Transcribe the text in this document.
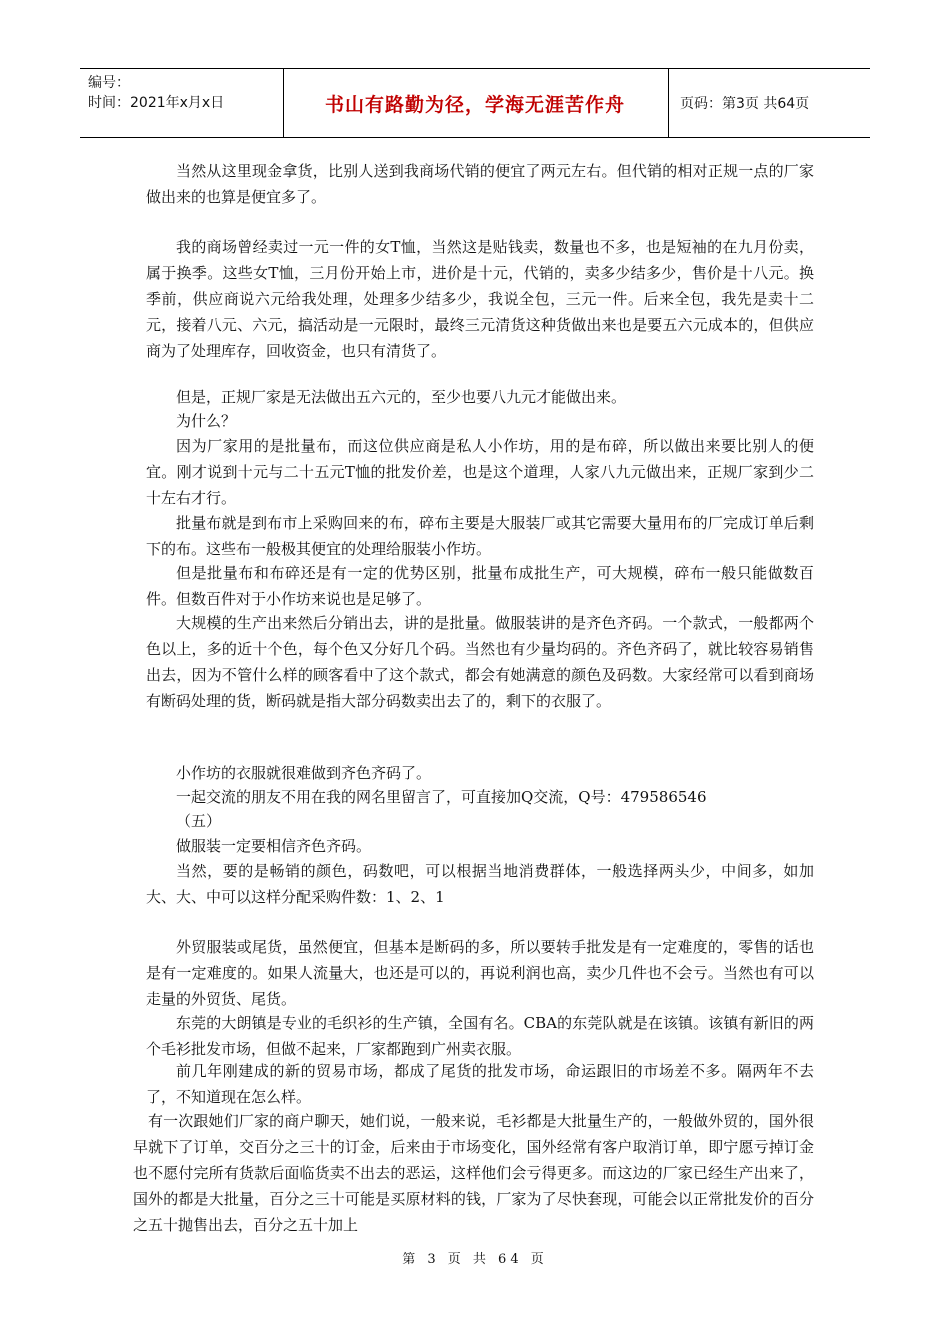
编号：
时间：2021年x月x日	书山有路勤为径，学海无涯苦作舟	页码：第3页 共64页

当然从这里现金拿货，比别人送到我商场代销的便宜了两元左右。但代销的相对正规一点的厂家做出来的也算是便宜多了。

我的商场曾经卖过一元一件的女T恤，当然这是贴钱卖，数量也不多，也是短袖的在九月份卖，属于换季。这些女T恤，三月份开始上市，进价是十元，代销的，卖多少结多少，售价是十八元。换季前，供应商说六元给我处理，处理多少结多少，我说全包，三元一件。后来全包，我先是卖十二元，接着八元、六元，搞活动是一元限时，最终三元清货这种货做出来也是要五六元成本的，但供应商为了处理库存，回收资金，也只有清货了。

但是，正规厂家是无法做出五六元的，至少也要八九元才能做出来。

为什么？

因为厂家用的是批量布，而这位供应商是私人小作坊，用的是布碎，所以做出来要比别人的便宜。刚才说到十元与二十五元T恤的批发价差，也是这个道理，人家八九元做出来，正规厂家到少二十左右才行。

批量布就是到布市上采购回来的布，碎布主要是大服装厂或其它需要大量用布的厂完成订单后剩下的布。这些布一般极其便宜的处理给服装小作坊。

但是批量布和布碎还是有一定的优势区别，批量布成批生产，可大规模，碎布一般只能做数百件。但数百件对于小作坊来说也是足够了。

大规模的生产出来然后分销出去，讲的是批量。做服装讲的是齐色齐码。一个款式，一般都两个色以上，多的近十个色，每个色又分好几个码。当然也有少量均码的。齐色齐码了，就比较容易销售出去，因为不管什么样的顾客看中了这个款式，都会有她满意的颜色及码数。大家经常可以看到商场有断码处理的货，断码就是指大部分码数卖出去了的，剩下的衣服了。

小作坊的衣服就很难做到齐色齐码了。

一起交流的朋友不用在我的网名里留言了，可直接加Q交流，Q号：479586546

（五）

做服装一定要相信齐色齐码。

当然，要的是畅销的颜色，码数吧，可以根据当地消费群体，一般选择两头少，中间多，如加大、大、中可以这样分配采购件数：1、2、1

外贸服装或尾货，虽然便宜，但基本是断码的多，所以要转手批发是有一定难度的，零售的话也是有一定难度的。如果人流量大，也还是可以的，再说利润也高，卖少几件也不会亏。当然也有可以走量的外贸货、尾货。

东莞的大朗镇是专业的毛织衫的生产镇，全国有名。CBA的东莞队就是在该镇。该镇有新旧的两个毛衫批发市场，但做不起来，厂家都跑到广州卖衣服。

前几年刚建成的新的贸易市场，都成了尾货的批发市场，命运跟旧的市场差不多。隔两年不去了，不知道现在怎么样。

有一次跟她们厂家的商户聊天，她们说，一般来说，毛衫都是大批量生产的，一般做外贸的，国外很早就下了订单，交百分之三十的订金，后来由于市场变化，国外经常有客户取消订单，即宁愿亏掉订金也不愿付完所有货款后面临货卖不出去的恶运，这样他们会亏得更多。而这边的厂家已经生产出来了，国外的都是大批量，百分之三十可能是买原材料的钱，厂家为了尽快套现，可能会以正常批发价的百分之五十抛售出去，百分之五十加上

第 3 页 共 64 页
